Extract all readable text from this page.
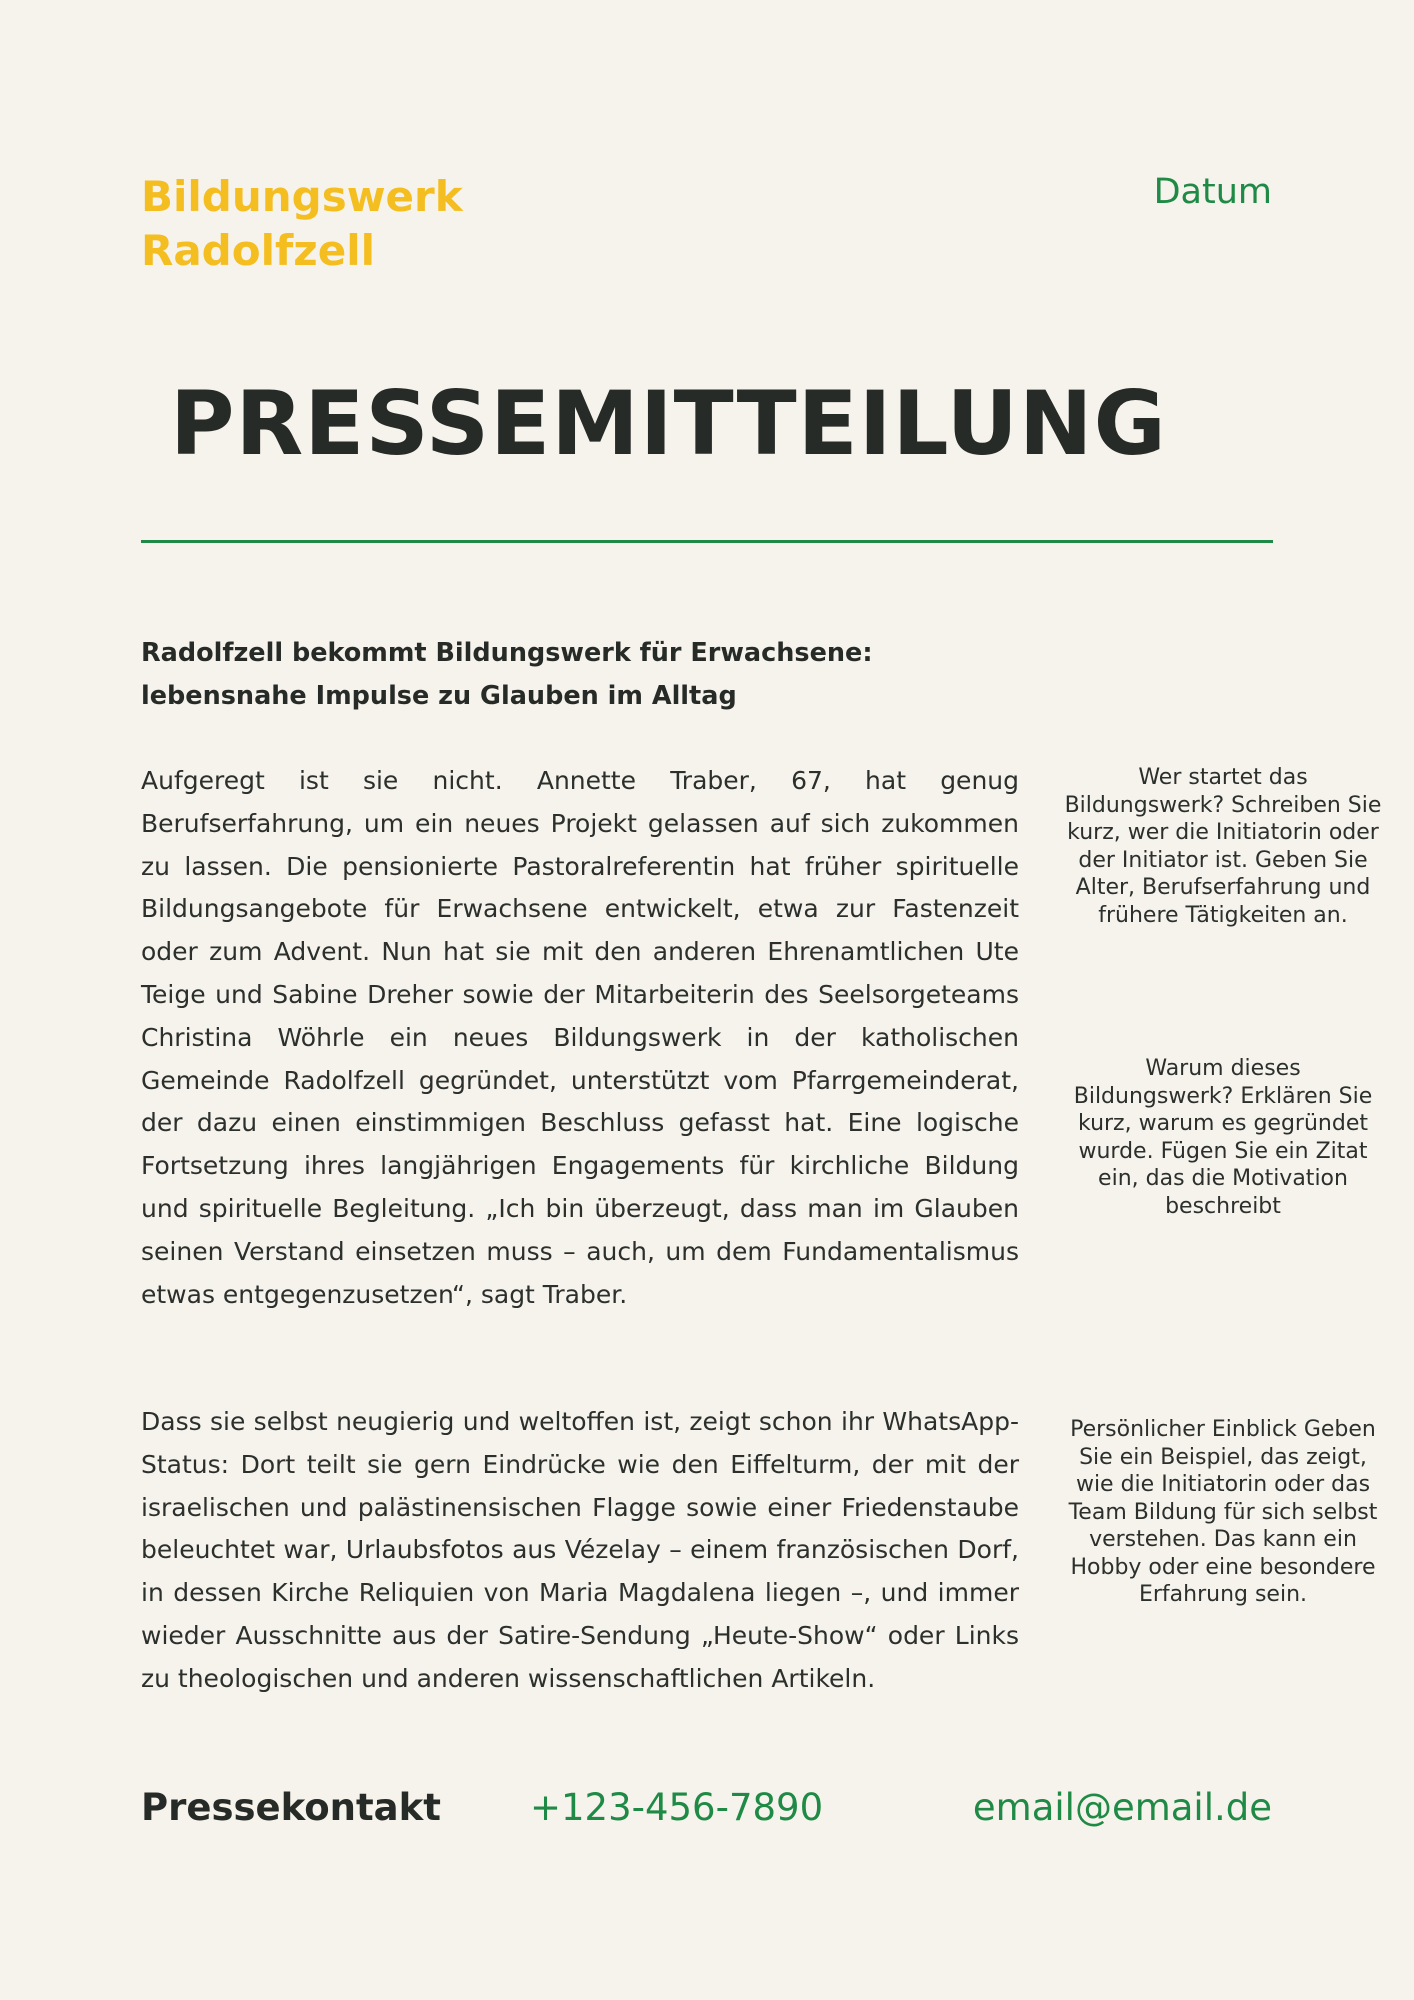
Bildungswerk
Radolfzell
Datum
PRESSEMITTEILUNG
Radolfzell bekommt Bildungswerk für Erwachsene:
lebensnahe Impulse zu Glauben im Alltag
Aufgeregt ist sie nicht. Annette Traber, 67, hat genug Berufserfahrung, um ein neues Projekt gelassen auf sich zukommen zu lassen. Die pensionierte Pastoralreferentin hat früher spirituelle Bildungsangebote für Erwachsene entwickelt, etwa zur Fastenzeit oder zum Advent. Nun hat sie mit den anderen Ehrenamtlichen Ute Teige und Sabine Dreher sowie der Mitarbeiterin des Seelsorgeteams Christina Wöhrle ein neues Bildungswerk in der katholischen Gemeinde Radolfzell gegründet, unterstützt vom Pfarrgemeinderat, der dazu einen einstimmigen Beschluss gefasst hat. Eine logische Fortsetzung ihres langjährigen Engagements für kirchliche Bildung und spirituelle Begleitung. „Ich bin überzeugt, dass man im Glauben seinen Verstand einsetzen muss – auch, um dem Fundamentalismus etwas entgegenzusetzen“, sagt Traber.
Dass sie selbst neugierig und weltoffen ist, zeigt schon ihr WhatsApp-Status: Dort teilt sie gern Eindrücke wie den Eiffelturm, der mit der israelischen und palästinensischen Flagge sowie einer Friedenstaube beleuchtet war, Urlaubsfotos aus Vézelay – einem französischen Dorf, in dessen Kirche Reliquien von Maria Magdalena liegen –, und immer wieder Ausschnitte aus der Satire-Sendung „Heute-Show“ oder Links zu theologischen und anderen wissenschaftlichen Artikeln.
Wer startet das Bildungswerk? Schreiben Sie kurz, wer die Initiatorin oder der Initiator ist. Geben Sie Alter, Berufserfahrung und frühere Tätigkeiten an.
Warum dieses Bildungswerk? Erklären Sie kurz, warum es gegründet wurde. Fügen Sie ein Zitat ein, das die Motivation beschreibt
Persönlicher Einblick Geben Sie ein Beispiel, das zeigt, wie die Initiatorin oder das Team Bildung für sich selbst verstehen. Das kann ein Hobby oder eine besondere Erfahrung sein.
Pressekontakt +123-456-7890	email@email.de
